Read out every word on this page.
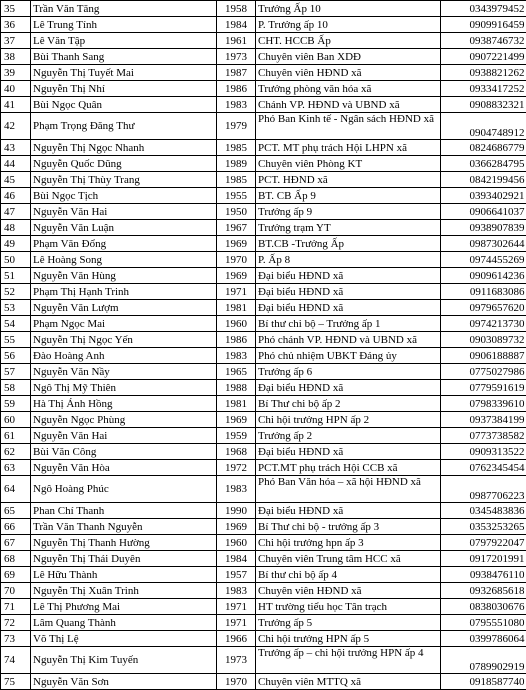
35	Trần Văn Tăng	1958	Trưởng Ấp 10	0343979452
36	Lê Trung Tính	1984	P. Trưởng ấp 10	0909916459
37	Lê Văn Tập	1961	CHT. HCCB Ấp	0938746732
38	Bùi Thanh Sang	1973	Chuyên viên Ban XDĐ	0907221499
39	Nguyễn Thị Tuyết Mai	1987	Chuyên viên HĐND xã	0938821262
40	Nguyễn Thị Nhí	1986	Trưởng phòng văn hóa xã	0933417252
41	Bùi Ngọc Quân	1983	Chánh VP. HĐND và UBND xã	0908832321
42	Phạm Trọng Đăng Thư	1979	Phó Ban Kinh tế - Ngân sách HĐND xã	0904748912
43	Nguyễn Thị Ngọc Nhanh	1985	PCT. MT phụ trách Hội LHPN xã	0824686779
44	Nguyễn Quốc Dũng	1989	Chuyên viên Phòng KT	0366284795
45	Nguyễn Thị Thùy Trang	1985	PCT. HĐND xã	0842199456
46	Bùi Ngọc Tịch	1955	BT. CB Ấp 9	0393402921
47	Nguyễn Văn Hai	1950	Trưởng ấp 9	0906641037
48	Nguyễn Văn Luận	1967	Trưởng trạm YT	0938907839
49	Phạm Văn Đổng	1969	BT.CB -Trưởng Ấp	0987302644
50	Lê Hoàng Song	1970	P. Ấp 8	0974455269
51	Nguyễn Văn Hùng	1969	Đại biểu HĐND xã	0909614236
52	Phạm Thị Hạnh Trinh	1971	Đại biểu HĐND xã	0911683086
53	Nguyễn Văn Lượm	1981	Đại biểu HĐND xã	0979657620
54	Phạm Ngọc Mai	1960	Bí thư chi bộ – Trưởng ấp 1	0974213730
55	Nguyễn Thị Ngọc Yến	1986	Phó chánh VP. HĐND và UBND xã	0903089732
56	Đào Hoàng Anh	1983	Phó chủ nhiệm UBKT Đảng ủy	0906188887
57	Nguyễn Văn Nầy	1965	Trưởng ấp 6	0775027986
58	Ngô Thị Mỹ Thiên	1988	Đại biểu HĐND xã	0779591619
59	Hà Thị Ánh Hồng	1981	Bí Thư chi bộ ấp 2	0798339610
60	Nguyễn Ngọc Phùng	1969	Chi hội trưởng HPN ấp 2	0937384199
61	Nguyễn Văn Hai	1959	Trưởng ấp 2	0773738582
62	Bùi Văn Công	1968	Đại biểu HĐND xã	0909313522
63	Nguyễn Văn Hòa	1972	PCT.MT phụ trách Hội CCB xã	0762345454
64	Ngô Hoàng Phúc	1983	Phó Ban Văn hóa – xã hội HĐND xã	0987706223
65	Phan Chí Thanh	1990	Đại biểu HĐND xã	0345483836
66	Trần Văn Thanh Nguyễn	1969	Bí Thư chi bộ - trưởng ấp 3	0353253265
67	Nguyễn Thị Thanh Hường	1960	Chi hội trưởng hpn ấp 3	0797922047
68	Nguyễn Thị Thái Duyên	1984	Chuyên viên Trung tâm HCC xã	0917201991
69	Lê Hữu Thành	1957	Bí thư chi bộ ấp 4	0938476110
70	Nguyễn Thị Xuân Trinh	1983	Chuyên viên HĐND xã	0932685618
71	Lê Thị Phương Mai	1971	HT trường tiểu học Tân trạch	0838030676
72	Lâm Quang Thành	1971	Trưởng ấp 5	0795551080
73	Võ Thị Lệ	1966	Chi hội trưởng HPN ấp 5	0399786064
74	Nguyễn Thị Kim Tuyến	1973	Trưởng ấp – chi hội trưởng HPN ấp 4	0789902919
75	Nguyễn Văn Sơn	1970	Chuyên viên MTTQ xã	0918587740
